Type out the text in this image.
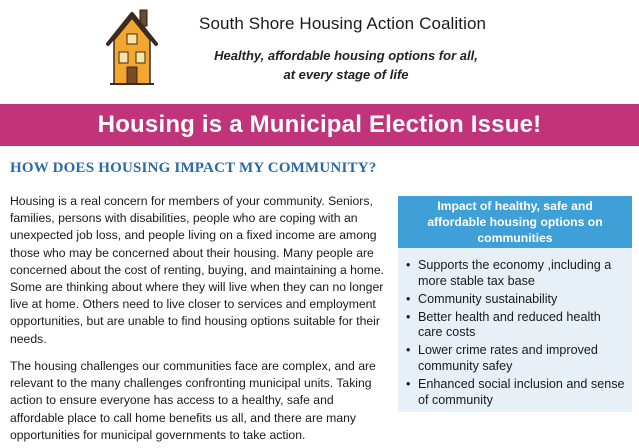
South Shore Housing Action Coalition
Healthy, affordable housing options for all,
at every stage of life
Housing is a Municipal Election Issue!
HOW DOES HOUSING IMPACT MY COMMUNITY?

Housing is a real concern for members of your community. Seniors, families, persons with disabilities, people who are coping with an unexpected job loss, and people living on a fixed income are among those who may be concerned about their housing. Many people are concerned about the cost of renting, buying, and maintaining a home. Some are thinking about where they will live when they can no longer live at home. Others need to live closer to services and employment opportunities, but are unable to find housing options suitable for their needs.

The housing challenges our communities face are complex, and are relevant to the many challenges confronting municipal units. Taking action to ensure everyone has access to a healthy, safe and affordable place to call home benefits us all, and there are many opportunities for municipal governments to take action.

Impact of healthy, safe and affordable housing options on communities
• Supports the economy ,including a more stable tax base
• Community sustainability
• Better health and reduced health care costs
• Lower crime rates and improved community safey
• Enhanced social inclusion and sense of community
